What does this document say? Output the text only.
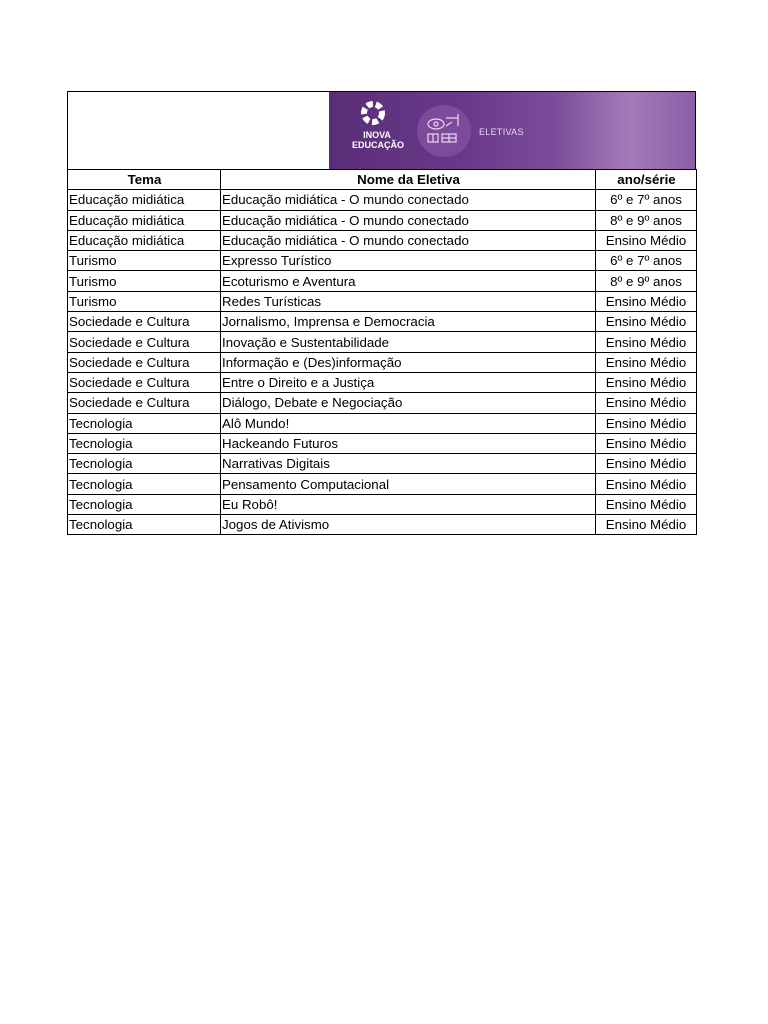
INOVA
EDUCAÇÃO
ELETIVAS
Tema	Nome da Eletiva	ano/série
Educação midiática	Educação midiática - O mundo conectado	6º e 7º anos
Educação midiática	Educação midiática - O mundo conectado	8º e 9º anos
Educação midiática	Educação midiática - O mundo conectado	Ensino Médio
Turismo	Expresso Turístico	6º e 7º anos
Turismo	Ecoturismo e Aventura	8º e 9º anos
Turismo	Redes Turísticas	Ensino Médio
Sociedade e Cultura	Jornalismo, Imprensa e Democracia	Ensino Médio
Sociedade e Cultura	Inovação e Sustentabilidade	Ensino Médio
Sociedade e Cultura	Informação e (Des)informação	Ensino Médio
Sociedade e Cultura	Entre o Direito e a Justiça	Ensino Médio
Sociedade e Cultura	Diálogo, Debate e Negociação	Ensino Médio
Tecnologia	Alô Mundo!	Ensino Médio
Tecnologia	Hackeando Futuros	Ensino Médio
Tecnologia	Narrativas Digitais	Ensino Médio
Tecnologia	Pensamento Computacional	Ensino Médio
Tecnologia	Eu Robô!	Ensino Médio
Tecnologia	Jogos de Ativismo	Ensino Médio
